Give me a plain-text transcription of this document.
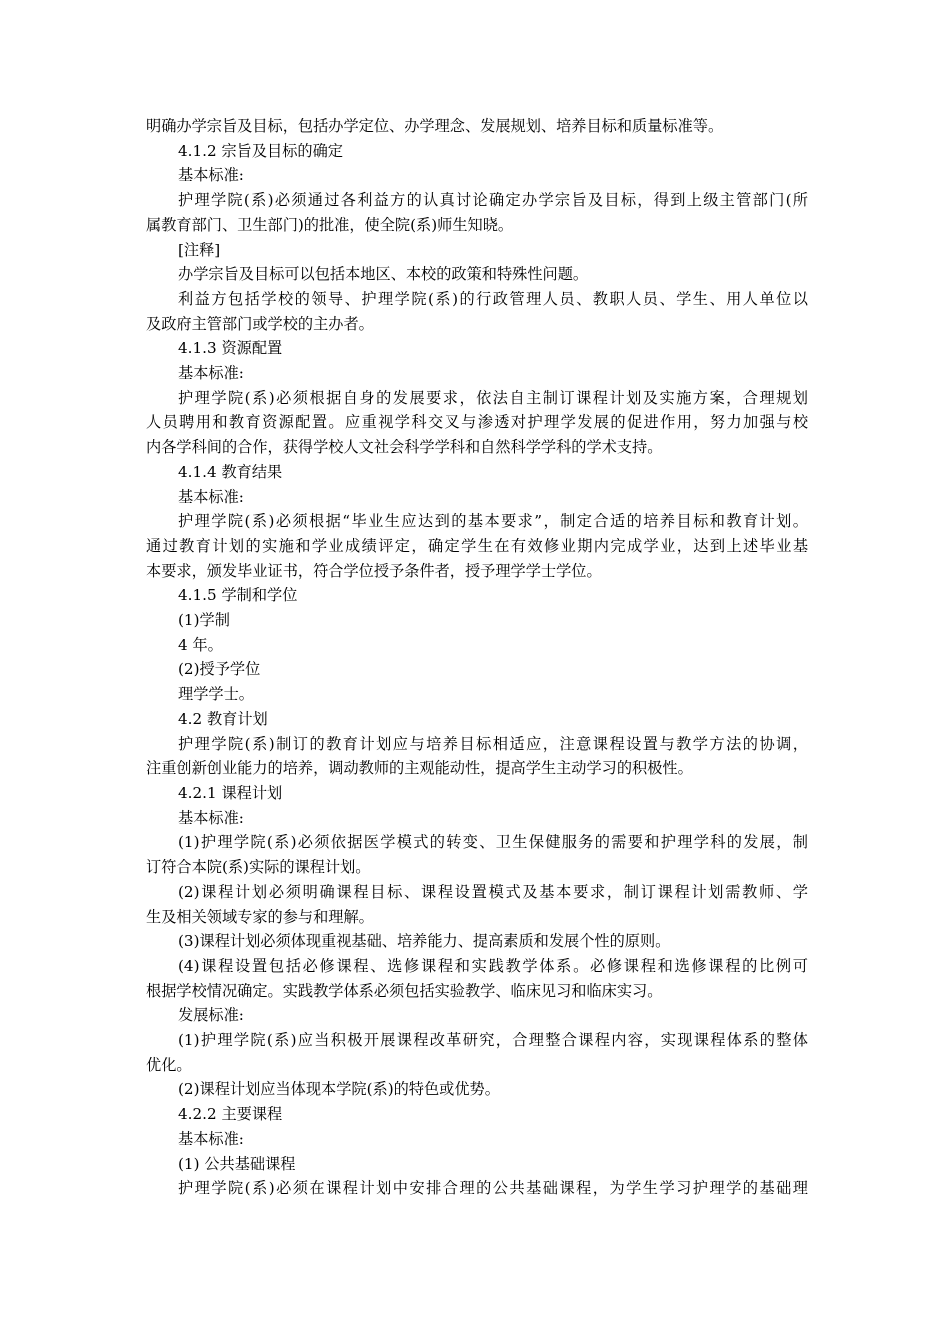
明确办学宗旨及目标，包括办学定位、办学理念、发展规划、培养目标和质量标准等。
4.1.2 宗旨及目标的确定
基本标准:
护理学院(系)必须通过各利益方的认真讨论确定办学宗旨及目标，得到上级主管部门(所
属教育部门、卫生部门)的批准，使全院(系)师生知晓。
[注释]
办学宗旨及目标可以包括本地区、本校的政策和特殊性问题。
利益方包括学校的领导、护理学院(系)的行政管理人员、教职人员、学生、用人单位以
及政府主管部门或学校的主办者。
4.1.3 资源配置
基本标准:
护理学院(系)必须根据自身的发展要求，依法自主制订课程计划及实施方案，合理规划
人员聘用和教育资源配置。应重视学科交叉与渗透对护理学发展的促进作用，努力加强与校
内各学科间的合作，获得学校人文社会科学学科和自然科学学科的学术支持。
4.1.4 教育结果
基本标准:
护理学院(系)必须根据“毕业生应达到的基本要求”，制定合适的培养目标和教育计划。
通过教育计划的实施和学业成绩评定，确定学生在有效修业期内完成学业，达到上述毕业基
本要求，颁发毕业证书，符合学位授予条件者，授予理学学士学位。
4.1.5 学制和学位
(1)学制
4 年。
(2)授予学位
理学学士。
4.2 教育计划
护理学院(系)制订的教育计划应与培养目标相适应，注意课程设置与教学方法的协调，
注重创新创业能力的培养，调动教师的主观能动性，提高学生主动学习的积极性。
4.2.1 课程计划
基本标准:
(1)护理学院(系)必须依据医学模式的转变、卫生保健服务的需要和护理学科的发展，制
订符合本院(系)实际的课程计划。
(2)课程计划必须明确课程目标、课程设置模式及基本要求，制订课程计划需教师、学
生及相关领域专家的参与和理解。
(3)课程计划必须体现重视基础、培养能力、提高素质和发展个性的原则。
(4)课程设置包括必修课程、选修课程和实践教学体系。必修课程和选修课程的比例可
根据学校情况确定。实践教学体系必须包括实验教学、临床见习和临床实习。
发展标准:
(1)护理学院(系)应当积极开展课程改革研究，合理整合课程内容，实现课程体系的整体
优化。
(2)课程计划应当体现本学院(系)的特色或优势。
4.2.2 主要课程
基本标准:
(1) 公共基础课程
护理学院(系)必须在课程计划中安排合理的公共基础课程，为学生学习护理学的基础理
